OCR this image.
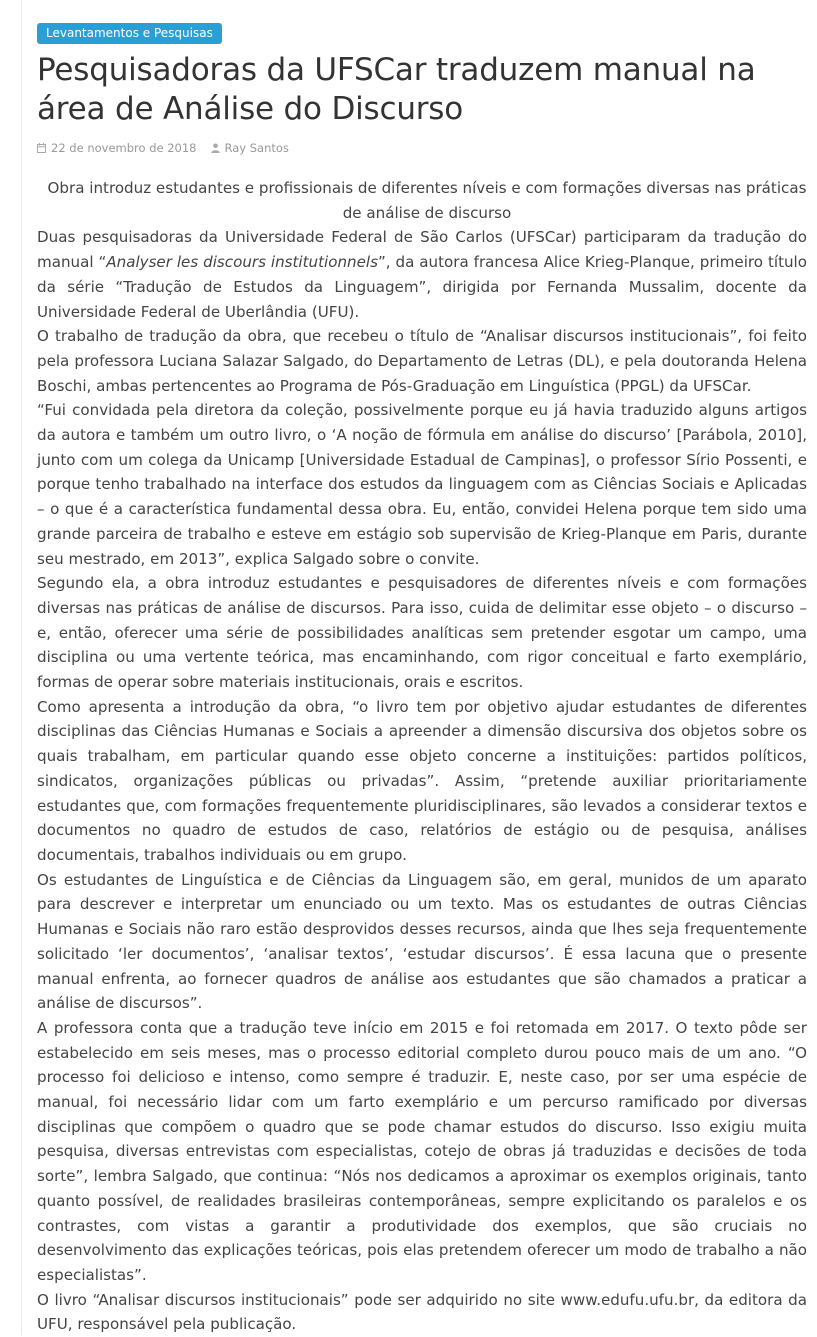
Levantamentos e Pesquisas
Pesquisadoras da UFSCar traduzem manual na área de Análise do Discurso
22 de novembro de 2018 Ray Santos

Obra introduz estudantes e profissionais de diferentes níveis e com formações diversas nas práticas de análise de discurso

Duas pesquisadoras da Universidade Federal de São Carlos (UFSCar) participaram da tradução do manual “Analyser les discours institutionnels”, da autora francesa Alice Krieg-Planque, primeiro título da série “Tradução de Estudos da Linguagem”, dirigida por Fernanda Mussalim, docente da Universidade Federal de Uberlândia (UFU).

O trabalho de tradução da obra, que recebeu o título de “Analisar discursos institucionais”, foi feito pela professora Luciana Salazar Salgado, do Departamento de Letras (DL), e pela doutoranda Helena Boschi, ambas pertencentes ao Programa de Pós-Graduação em Linguística (PPGL) da UFSCar.

“Fui convidada pela diretora da coleção, possivelmente porque eu já havia traduzido alguns artigos da autora e também um outro livro, o ‘A noção de fórmula em análise do discurso’ [Parábola, 2010], junto com um colega da Unicamp [Universidade Estadual de Campinas], o professor Sírio Possenti, e porque tenho trabalhado na interface dos estudos da linguagem com as Ciências Sociais e Aplicadas – o que é a característica fundamental dessa obra. Eu, então, convidei Helena porque tem sido uma grande parceira de trabalho e esteve em estágio sob supervisão de Krieg-Planque em Paris, durante seu mestrado, em 2013”, explica Salgado sobre o convite.

Segundo ela, a obra introduz estudantes e pesquisadores de diferentes níveis e com formações diversas nas práticas de análise de discursos. Para isso, cuida de delimitar esse objeto – o discurso – e, então, oferecer uma série de possibilidades analíticas sem pretender esgotar um campo, uma disciplina ou uma vertente teórica, mas encaminhando, com rigor conceitual e farto exemplário, formas de operar sobre materiais institucionais, orais e escritos.

Como apresenta a introdução da obra, “o livro tem por objetivo ajudar estudantes de diferentes disciplinas das Ciências Humanas e Sociais a apreender a dimensão discursiva dos objetos sobre os quais trabalham, em particular quando esse objeto concerne a instituições: partidos políticos, sindicatos, organizações públicas ou privadas”. Assim, “pretende auxiliar prioritariamente estudantes que, com formações frequentemente pluridisciplinares, são levados a considerar textos e documentos no quadro de estudos de caso, relatórios de estágio ou de pesquisa, análises documentais, trabalhos individuais ou em grupo.

Os estudantes de Linguística e de Ciências da Linguagem são, em geral, munidos de um aparato para descrever e interpretar um enunciado ou um texto. Mas os estudantes de outras Ciências Humanas e Sociais não raro estão desprovidos desses recursos, ainda que lhes seja frequentemente solicitado ‘ler documentos’, ‘analisar textos’, ‘estudar discursos’. É essa lacuna que o presente manual enfrenta, ao fornecer quadros de análise aos estudantes que são chamados a praticar a análise de discursos”.

A professora conta que a tradução teve início em 2015 e foi retomada em 2017. O texto pôde ser estabelecido em seis meses, mas o processo editorial completo durou pouco mais de um ano. “O processo foi delicioso e intenso, como sempre é traduzir. E, neste caso, por ser uma espécie de manual, foi necessário lidar com um farto exemplário e um percurso ramificado por diversas disciplinas que compõem o quadro que se pode chamar estudos do discurso. Isso exigiu muita pesquisa, diversas entrevistas com especialistas, cotejo de obras já traduzidas e decisões de toda sorte”, lembra Salgado, que continua: “Nós nos dedicamos a aproximar os exemplos originais, tanto quanto possível, de realidades brasileiras contemporâneas, sempre explicitando os paralelos e os contrastes, com vistas a garantir a produtividade dos exemplos, que são cruciais no desenvolvimento das explicações teóricas, pois elas pretendem oferecer um modo de trabalho a não especialistas”.

O livro “Analisar discursos institucionais” pode ser adquirido no site www.edufu.ufu.br, da editora da UFU, responsável pela publicação.
